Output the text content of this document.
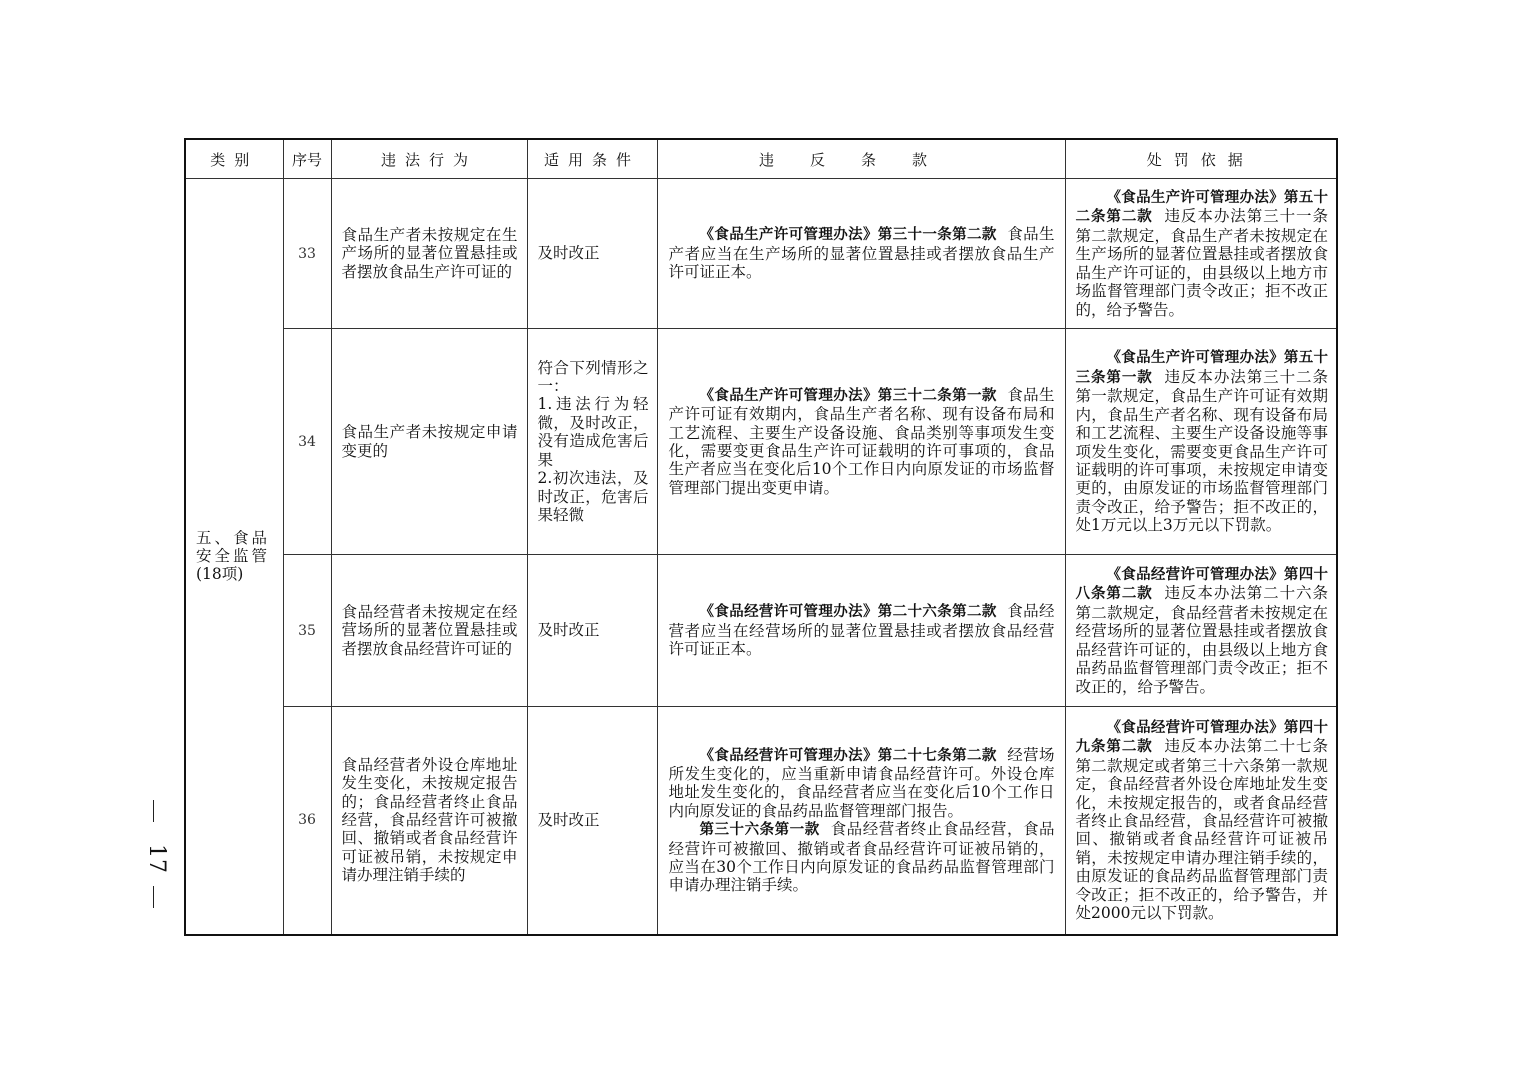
17
类别	序号	违法行为	适用条件	违反条款	处罚依据

五、食品
安全监管
(18项)	33	食品生产者未按规定在生产场所的显著位置悬挂或者摆放食品生产许可证的	及时改正	《食品生产许可管理办法》第三十一条第二款 食品生产者应当在生产场所的显著位置悬挂或者摆放食品生产许可证正本。	《食品生产许可管理办法》第五十二条第二款 违反本办法第三十一条第二款规定，食品生产者未按规定在生产场所的显著位置悬挂或者摆放食品生产许可证的，由县级以上地方市场监督管理部门责令改正；拒不改正的，给予警告。

	34	食品生产者未按规定申请变更的	符合下列情形之一：
1.违法行为轻微，及时改正，没有造成危害后果
2.初次违法，及时改正，危害后果轻微	《食品生产许可管理办法》第三十二条第一款 食品生产许可证有效期内，食品生产者名称、现有设备布局和工艺流程、主要生产设备设施、食品类别等事项发生变化，需要变更食品生产许可证载明的许可事项的，食品生产者应当在变化后10个工作日内向原发证的市场监督管理部门提出变更申请。	《食品生产许可管理办法》第五十三条第一款 违反本办法第三十二条第一款规定，食品生产许可证有效期内，食品生产者名称、现有设备布局和工艺流程、主要生产设备设施等事项发生变化，需要变更食品生产许可证载明的许可事项，未按规定申请变更的，由原发证的市场监督管理部门责令改正，给予警告；拒不改正的，处1万元以上3万元以下罚款。

	35	食品经营者未按规定在经营场所的显著位置悬挂或者摆放食品经营许可证的	及时改正	《食品经营许可管理办法》第二十六条第二款 食品经营者应当在经营场所的显著位置悬挂或者摆放食品经营许可证正本。	《食品经营许可管理办法》第四十八条第二款 违反本办法第二十六条第二款规定，食品经营者未按规定在经营场所的显著位置悬挂或者摆放食品经营许可证的，由县级以上地方食品药品监督管理部门责令改正；拒不改正的，给予警告。

	36	食品经营者外设仓库地址发生变化，未按规定报告的；食品经营者终止食品经营，食品经营许可被撤回、撤销或者食品经营许可证被吊销，未按规定申请办理注销手续的	及时改正	《食品经营许可管理办法》第二十七条第二款 经营场所发生变化的，应当重新申请食品经营许可。外设仓库地址发生变化的，食品经营者应当在变化后10个工作日内向原发证的食品药品监督管理部门报告。
第三十六条第一款 食品经营者终止食品经营，食品经营许可被撤回、撤销或者食品经营许可证被吊销的，应当在30个工作日内向原发证的食品药品监督管理部门申请办理注销手续。	《食品经营许可管理办法》第四十九条第二款 违反本办法第二十七条第二款规定或者第三十六条第一款规定，食品经营者外设仓库地址发生变化，未按规定报告的，或者食品经营者终止食品经营，食品经营许可被撤回、撤销或者食品经营许可证被吊销，未按规定申请办理注销手续的，由原发证的食品药品监督管理部门责令改正；拒不改正的，给予警告，并处2000元以下罚款。
